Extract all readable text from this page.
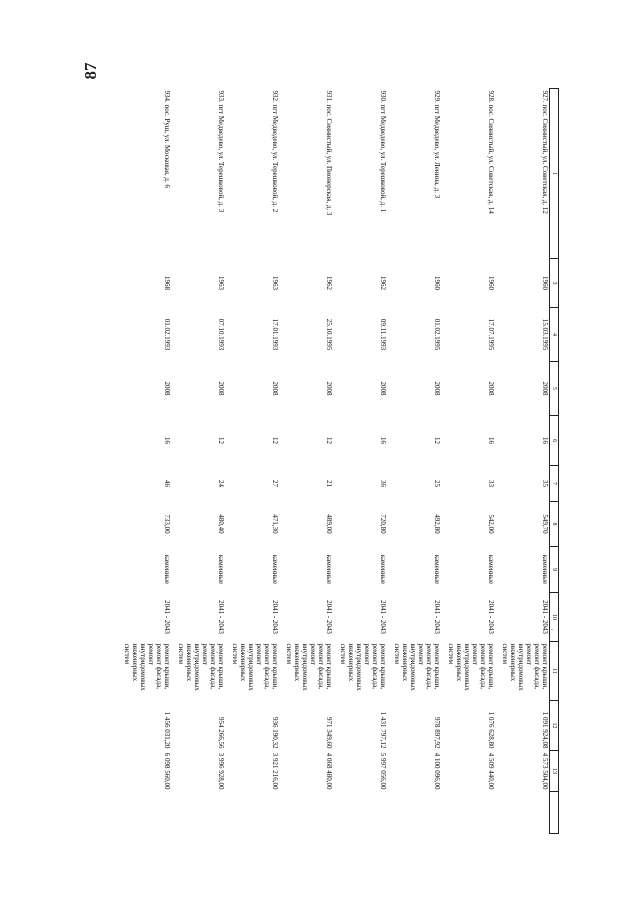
87
1	3	4	5	6	7	8	9	10	11	12	13	
927. пос. Сиянистый, ул. Советская, д. 12	1960	15.03.1995	2008	16	35	549,70	каменные	2041 - 2043	ремонт крыши, ремонт фасада, ремонт внутридомовых инженерных систем	1 091 924,08	4 573 504,00	
928. пос. Сиянистый, ул. Советская, д. 14	1960	17.07.1995	2008	16	33	542,00	каменные	2041 - 2043	ремонт крыши, ремонт фасада, ремонт внутридомовых инженерных систем	1 076 628,80	4 509 440,00	
929. пгт Медведево, ул. Ленина, д. 3	1960	01.02.1995	2008	12	25	492,80	каменные	2041 - 2043	ремонт крыши, ремонт фасада, ремонт внутридомовых инженерных систем	978 897,92	4 100 096,00	
930. пгт Медведево, ул. Терешковой, д. 1	1962	09.11.1993	2008	16	36	720,80	каменные	2041 - 2043	ремонт крыши, ремонт фасада, ремонт внутридомовых инженерных систем	1 431 797,12	5 997 056,00	
931. пос. Сиянистый, ул. Пионерская, д. 3	1962	25.10.1995	2008	12	21	489,00	каменные	2041 - 2043	ремонт крыши, ремонт фасада, ремонт внутридомовых инженерных систем	971 349,60	4 068 480,00	
932. пгт Медведево, ул. Терешковой, д. 2	1963	17.01.1993	2008	12	27	471,30	каменные	2041 - 2043	ремонт крыши, ремонт фасада, ремонт внутридомовых инженерных систем	936 190,32	3 921 216,00	
933. пгт Медведево, ул. Терешковой, д. 3	1963	07.10.1993	2008	12	24	480,40	каменные	2041 - 2043	ремонт крыши, ремонт фасада, ремонт внутридомовых инженерных систем	954 266,56	3 996 928,00	
934. пос. Руш, ул. Московая, д. 6	1968	01.02.1993	2008	16	46	733,00	каменные	2041 - 2043	ремонт крыши, ремонт фасада, ремонт внутридомовых инженерных систем	1 456 031,20	6 098 560,00	
